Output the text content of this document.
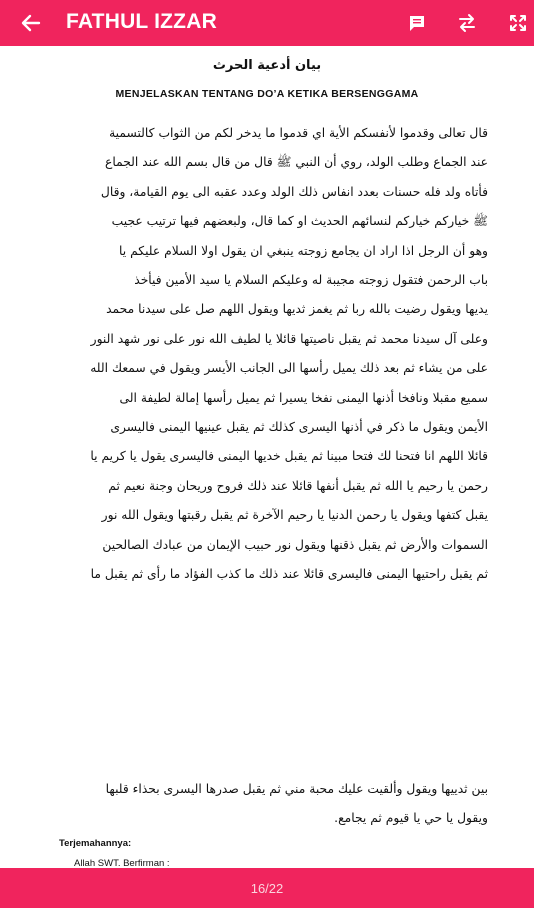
FATHUL IZZAR
بيان أدعية الحرث
MENJELASKAN TENTANG DO’A KETIKA BERSENGGAMA
قال تعالى وقدموا لأنفسكم الأية اي قدموا ما يدخر لكم من الثواب كالتسمية
عند الجماع وطلب الولد، روي أن النبي ﷺ قال من قال بسم الله عند الجماع
فأتاه ولد فله حسنات بعدد انفاس ذلك الولد وعدد عقبه الى يوم القيامة، وقال
ﷺ خياركم خياركم لنسائهم الحديث او كما قال، ولبعضهم فيها ترتيب عجيب
وهو أن الرجل اذا اراد ان يجامع زوجته ينبغي ان يقول اولا السلام عليكم يا
باب الرحمن فتقول زوجته مجيبة له وعليكم السلام يا سيد الأمين فيأخذ
يديها ويقول رضيت بالله ربا ثم يغمز ثديها ويقول اللهم صل على سيدنا محمد
وعلى آل سيدنا محمد ثم يقبل ناصيتها قائلا يا لطيف الله نور على نور شهد النور
على من يشاء ثم بعد ذلك يميل رأسها الى الجانب الأيسر ويقول في سمعك الله
سميع مقبلا ونافخا أذنها اليمنى نفخا يسيرا ثم يميل رأسها إمالة لطيفة الى
الأيمن ويقول ما ذكر في أذنها اليسرى كذلك ثم يقبل عينيها اليمنى فاليسرى
قائلا اللهم انا فتحنا لك فتحا مبينا ثم يقبل خديها اليمنى فاليسرى يقول يا كريم يا
رحمن يا رحيم يا الله ثم يقبل أنفها قائلا عند ذلك فروح وريحان وجنة نعيم ثم
يقبل كتفها ويقول يا رحمن الدنيا يا رحيم الآخرة ثم يقبل رقبتها ويقول الله نور
السموات والأرض ثم يقبل ذقنها ويقول نور حبيب الإيمان من عبادك الصالحين
ثم يقبل راحتيها اليمنى فاليسرى قائلا عند ذلك ما كذب الفؤاد ما رأى ثم يقبل ما
بين ثدييها ويقول وألقيت عليك محبة مني ثم يقبل صدرها اليسرى بحذاء قلبها
ويقول يا حي يا قيوم ثم يجامع.
Terjemahannya:
Allah SWT. Berfirman :
16/22
